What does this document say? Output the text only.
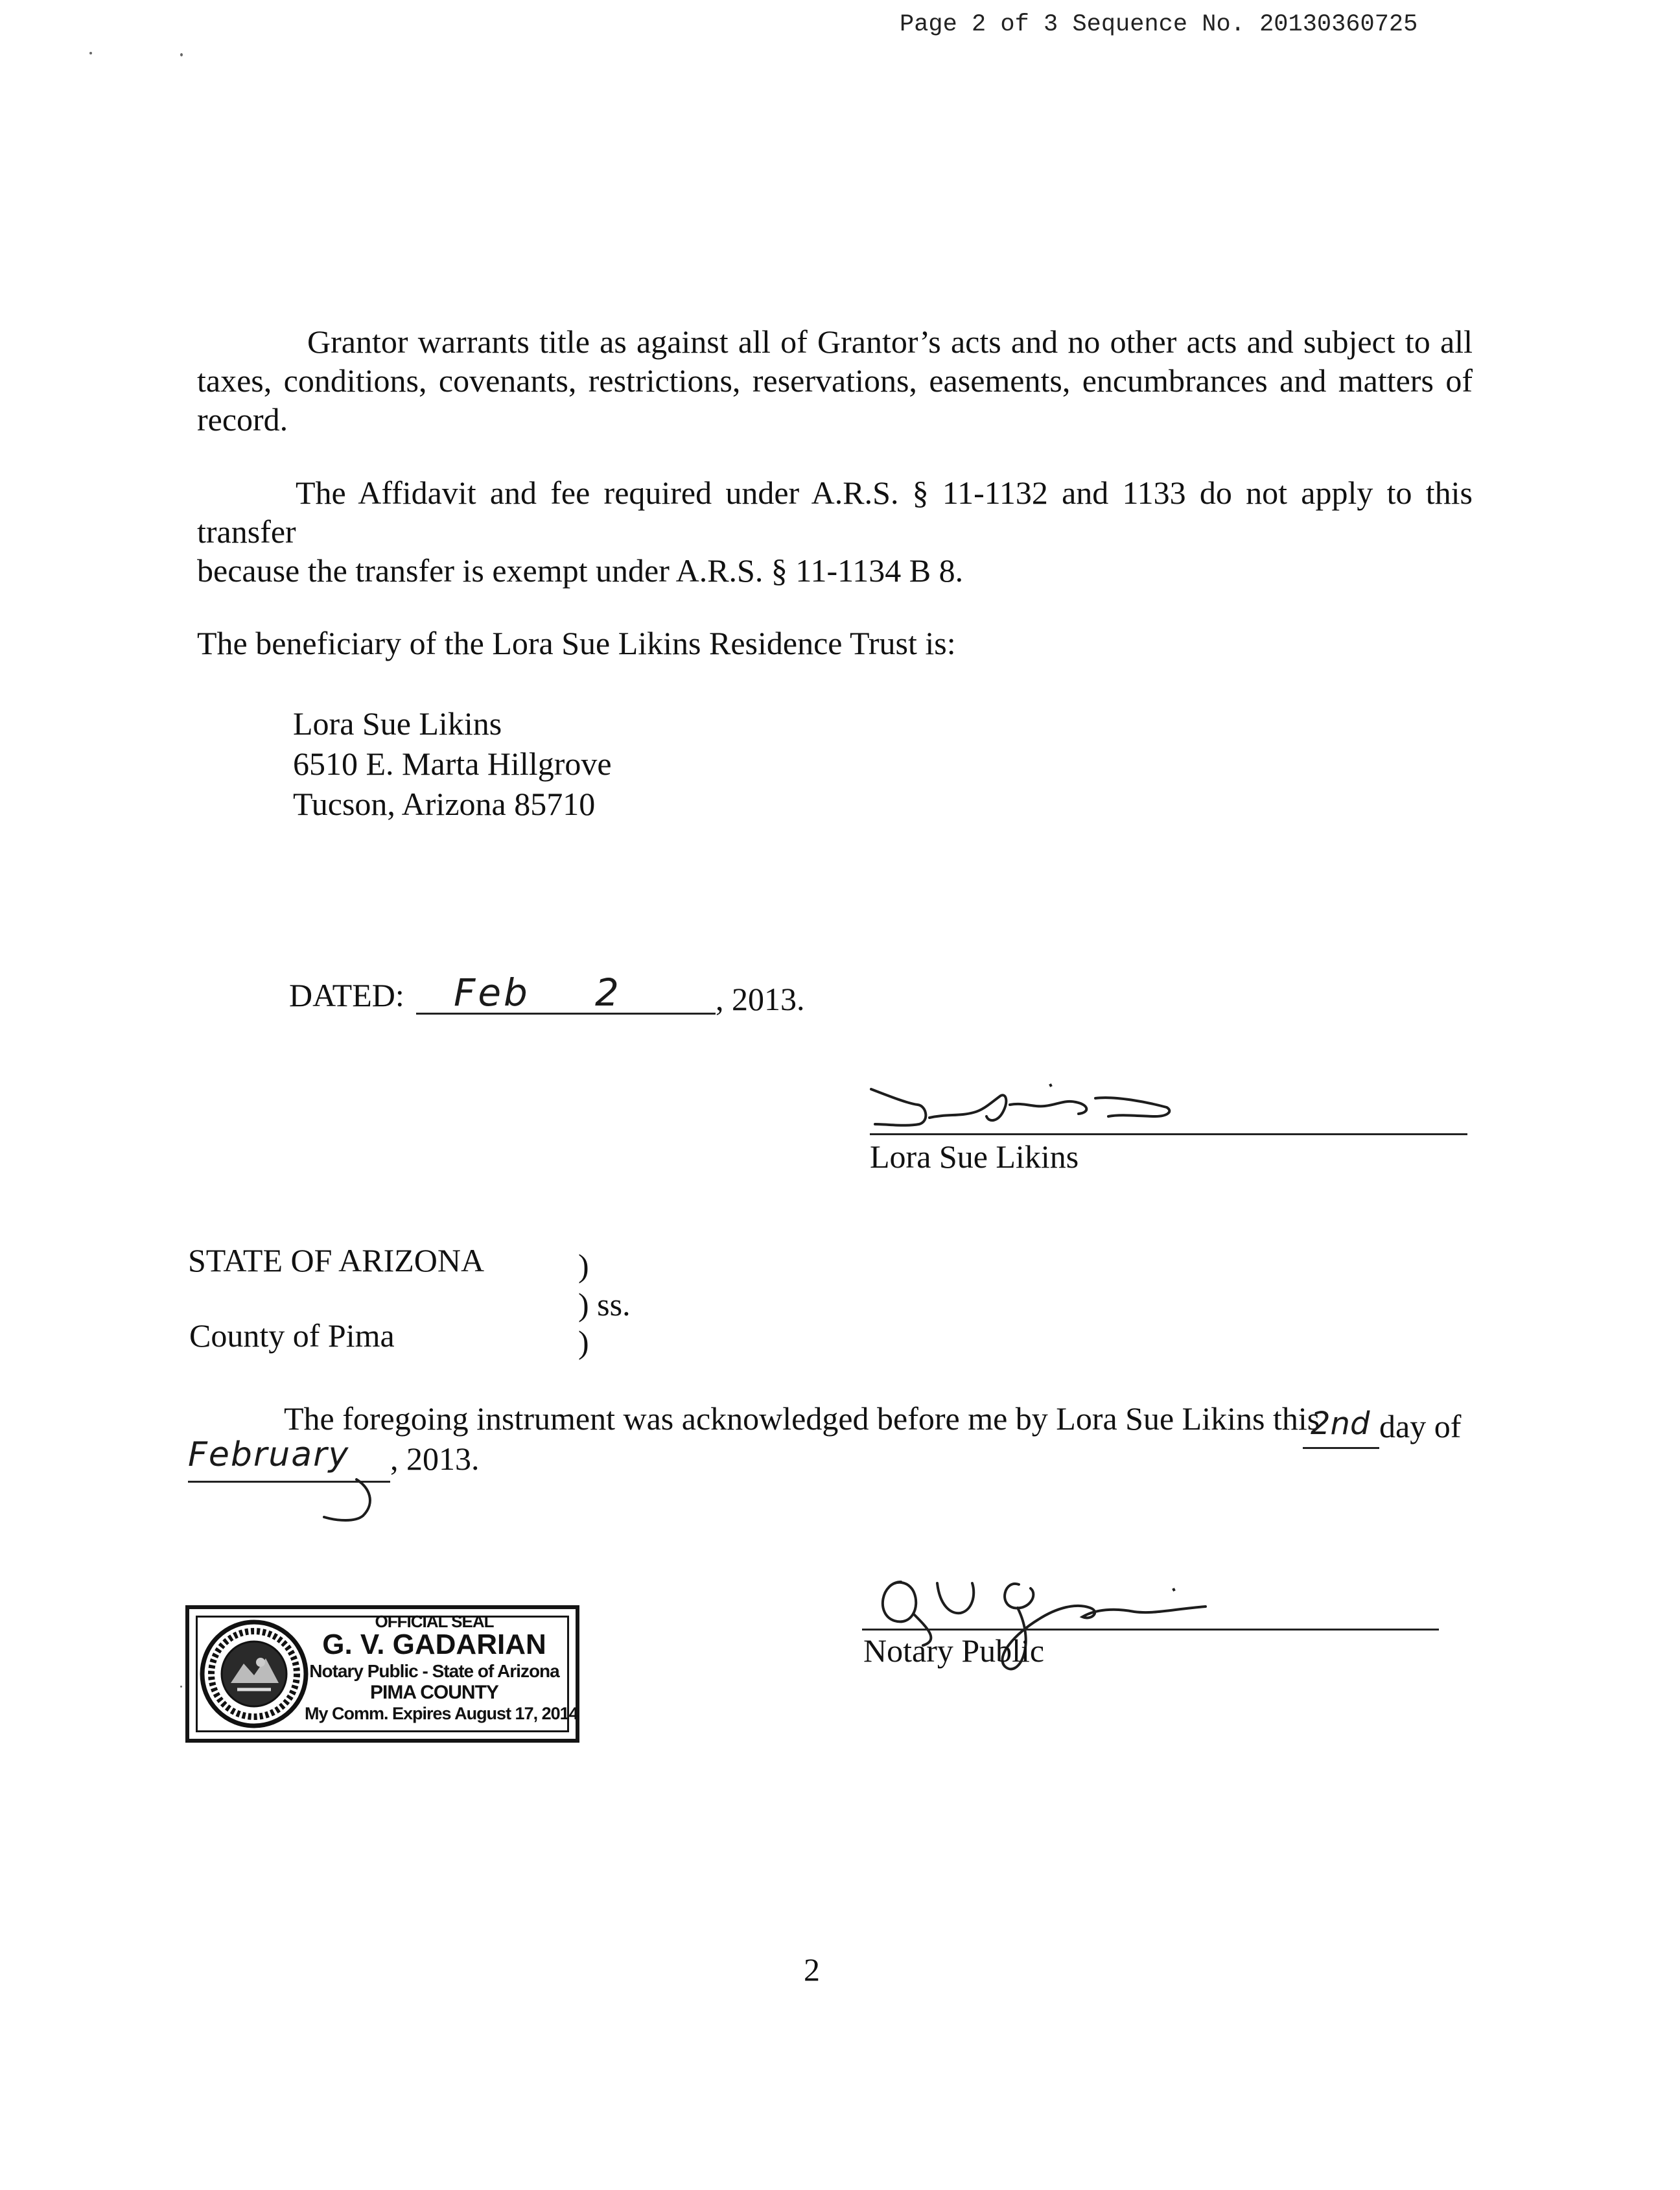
Page 2 of 3 Sequence No. 20130360725
Grantor warrants title as against all of Grantor’s acts and no other acts and subject to all
taxes, conditions, covenants, restrictions, reservations, easements, encumbrances and matters of
record.
The Affidavit and fee required under A.R.S. § 11-1132 and 1133 do not apply to this transfer
because the transfer is exempt under A.R.S. § 11-1134 B 8.
The beneficiary of the Lora Sue Likins Residence Trust is:
Lora Sue Likins
6510 E. Marta Hillgrove
Tucson, Arizona 85710
DATED: Feb 2	, 2013.
Lora Sue Likins
STATE OF ARIZONA
County of Pima
)
) ss.
)
The foregoing instrument was acknowledged before me by Lora Sue Likins this
2nd day of
February , 2013.
OFFICIAL SEAL
G. V. GADARIAN
Notary Public - State of Arizona
PIMA COUNTY
My Comm. Expires August 17, 2014
Notary Public
2
